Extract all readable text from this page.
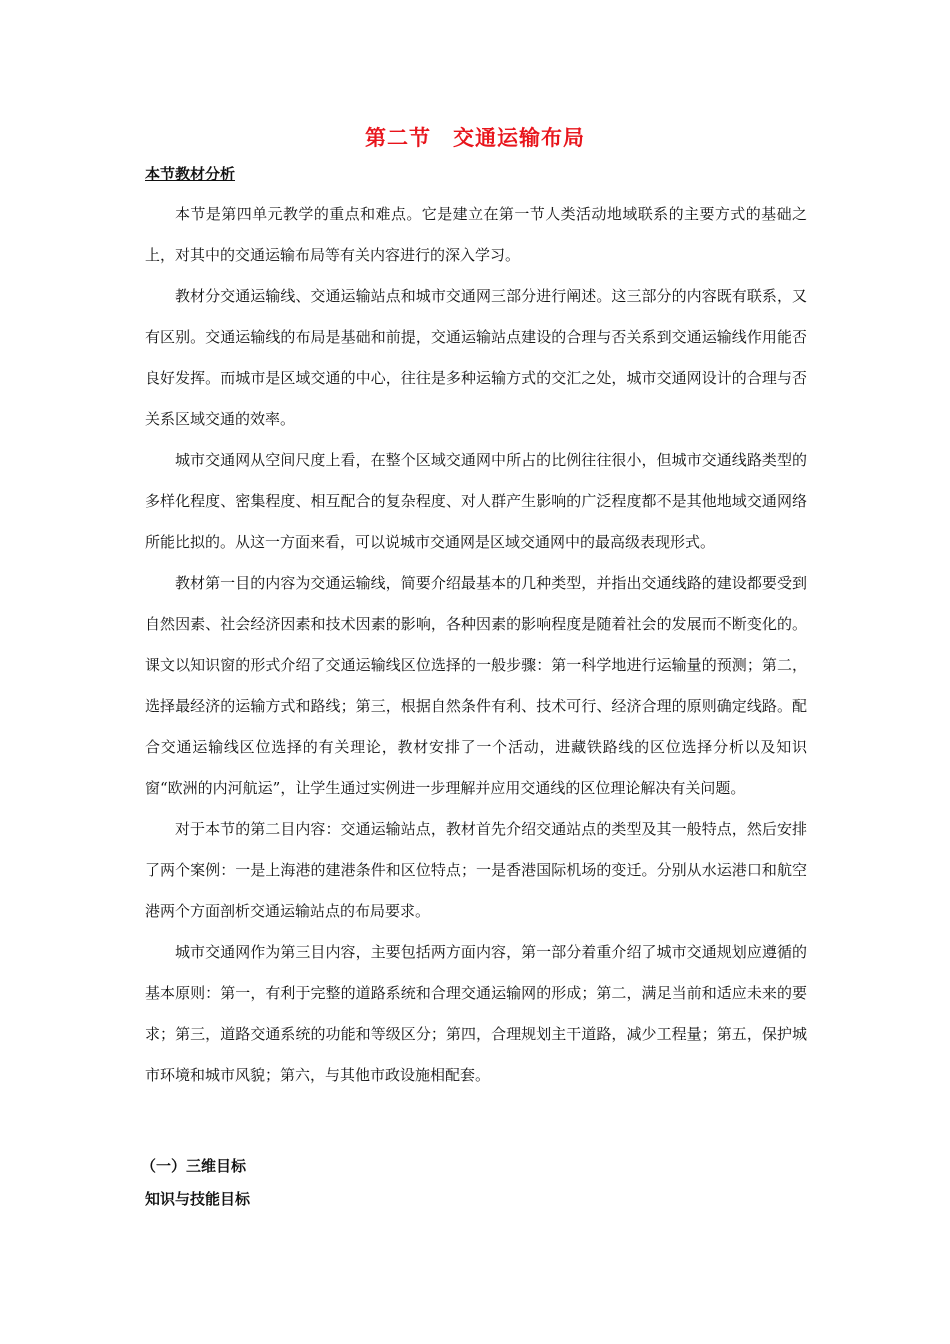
第二节　交通运输布局
本节教材分析

本节是第四单元教学的重点和难点。它是建立在第一节人类活动地域联系的主要方式的基础之上，对其中的交通运输布局等有关内容进行的深入学习。

教材分交通运输线、交通运输站点和城市交通网三部分进行阐述。这三部分的内容既有联系，又有区别。交通运输线的布局是基础和前提，交通运输站点建设的合理与否关系到交通运输线作用能否良好发挥。而城市是区域交通的中心，往往是多种运输方式的交汇之处，城市交通网设计的合理与否关系区域交通的效率。

城市交通网从空间尺度上看，在整个区域交通网中所占的比例往往很小，但城市交通线路类型的多样化程度、密集程度、相互配合的复杂程度、对人群产生影响的广泛程度都不是其他地域交通网络所能比拟的。从这一方面来看，可以说城市交通网是区域交通网中的最高级表现形式。

教材第一目的内容为交通运输线，简要介绍最基本的几种类型，并指出交通线路的建设都要受到自然因素、社会经济因素和技术因素的影响，各种因素的影响程度是随着社会的发展而不断变化的。课文以知识窗的形式介绍了交通运输线区位选择的一般步骤：第一科学地进行运输量的预测；第二，选择最经济的运输方式和路线；第三，根据自然条件有利、技术可行、经济合理的原则确定线路。配合交通运输线区位选择的有关理论，教材安排了一个活动，进藏铁路线的区位选择分析以及知识窗“欧洲的内河航运”，让学生通过实例进一步理解并应用交通线的区位理论解决有关问题。

对于本节的第二目内容：交通运输站点，教材首先介绍交通站点的类型及其一般特点，然后安排了两个案例：一是上海港的建港条件和区位特点；一是香港国际机场的变迁。分别从水运港口和航空港两个方面剖析交通运输站点的布局要求。

城市交通网作为第三目内容，主要包括两方面内容，第一部分着重介绍了城市交通规划应遵循的基本原则：第一，有利于完整的道路系统和合理交通运输网的形成；第二，满足当前和适应未来的要求；第三，道路交通系统的功能和等级区分；第四，合理规划主干道路，减少工程量；第五，保护城市环境和城市风貌；第六，与其他市政设施相配套。

（一）三维目标
知识与技能目标
